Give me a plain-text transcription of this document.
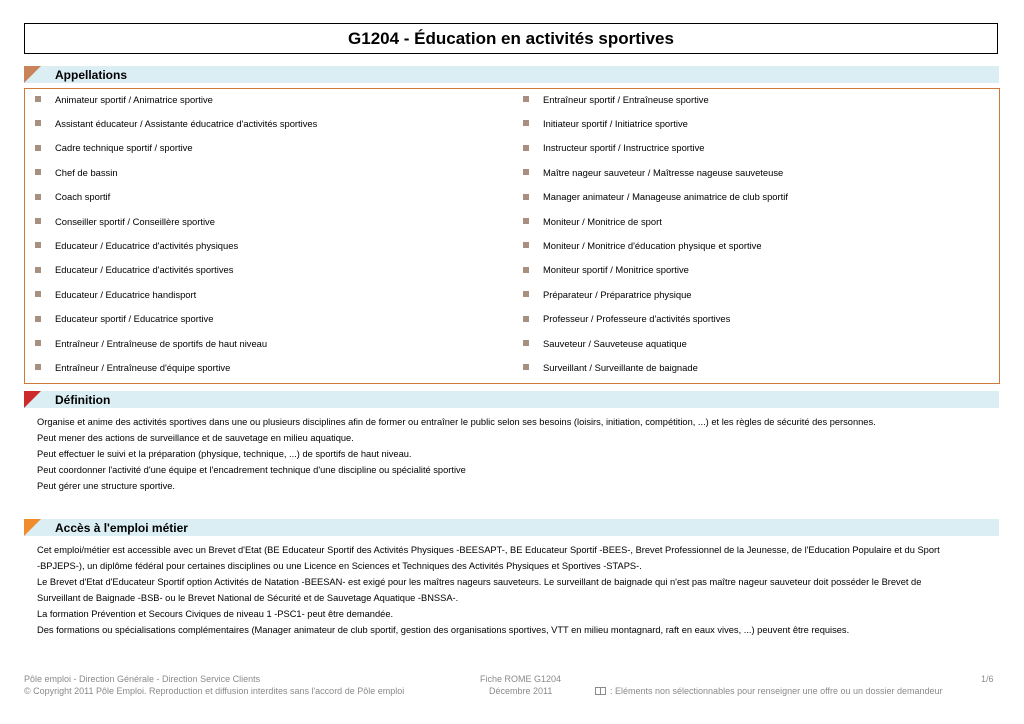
G1204 - Éducation en activités sportives
Appellations
Animateur sportif / Animatrice sportive
Assistant éducateur / Assistante éducatrice d'activités sportives
Cadre technique sportif / sportive
Chef de bassin
Coach sportif
Conseiller sportif / Conseillère sportive
Educateur / Educatrice d'activités physiques
Educateur / Educatrice d'activités sportives
Educateur / Educatrice handisport
Educateur sportif / Educatrice sportive
Entraîneur / Entraîneuse de sportifs de haut niveau
Entraîneur / Entraîneuse d'équipe sportive
Entraîneur sportif / Entraîneuse sportive
Initiateur sportif / Initiatrice sportive
Instructeur sportif / Instructrice sportive
Maître nageur sauveteur / Maîtresse nageuse sauveteuse
Manager animateur / Manageuse animatrice de club sportif
Moniteur / Monitrice de sport
Moniteur / Monitrice d'éducation physique et sportive
Moniteur sportif / Monitrice sportive
Préparateur / Préparatrice physique
Professeur / Professeure d'activités sportives
Sauveteur / Sauveteuse aquatique
Surveillant / Surveillante de baignade
Définition
Organise et anime des activités sportives dans une ou plusieurs disciplines afin de former ou entraîner le public selon ses besoins (loisirs, initiation, compétition, ...) et les règles de sécurité des personnes.
Peut mener des actions de surveillance et de sauvetage en milieu aquatique.
Peut effectuer le suivi et la préparation (physique, technique, ...) de sportifs de haut niveau.
Peut coordonner l'activité d'une équipe et l'encadrement technique d'une discipline ou spécialité sportive
Peut gérer une structure sportive.
Accès à l'emploi métier
Cet emploi/métier est accessible avec un Brevet d'Etat (BE Educateur Sportif des Activités Physiques -BEESAPT-, BE Educateur Sportif -BEES-, Brevet Professionnel de la Jeunesse, de l'Education Populaire et du Sport
-BPJEPS-), un diplôme fédéral pour certaines disciplines ou une Licence en Sciences et Techniques des Activités Physiques et Sportives -STAPS-.
Le Brevet d'Etat d'Educateur Sportif option Activités de Natation -BEESAN- est exigé pour les maîtres nageurs sauveteurs. Le surveillant de baignade qui n'est pas maître nageur sauveteur doit posséder le Brevet de
Surveillant de Baignade -BSB- ou le Brevet National de Sécurité et de Sauvetage Aquatique -BNSSA-.
La formation Prévention et Secours Civiques de niveau 1 -PSC1- peut être demandée.
Des formations ou spécialisations complémentaires (Manager animateur de club sportif, gestion des organisations sportives, VTT en milieu montagnard, raft en eaux vives, ...) peuvent être requises.
Pôle emploi - Direction Générale - Direction Service Clients
© Copyright 2011 Pôle Emploi. Reproduction et diffusion interdites sans l'accord de Pôle emploi
Fiche ROME G1204
Décembre 2011
1/6
: Eléments non sélectionnables pour renseigner une offre ou un dossier demandeur
